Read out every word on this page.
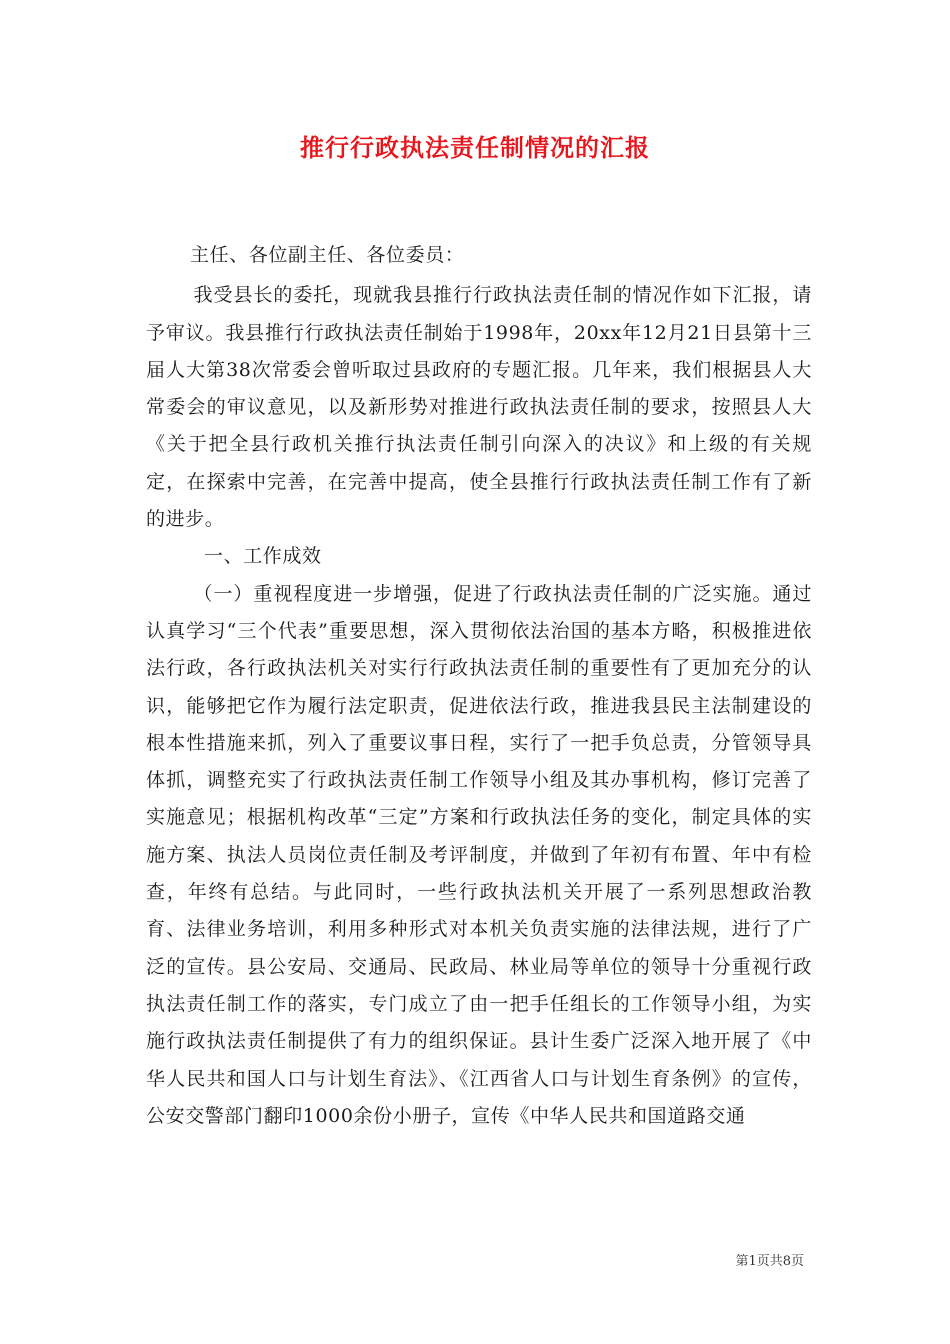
推行行政执法责任制情况的汇报

主任、各位副主任、各位委员：

我受县长的委托，现就我县推行行政执法责任制的情况作如下汇报，请予审议。我县推行行政执法责任制始于1998年，20xx年12月21日县第十三届人大第38次常委会曾听取过县政府的专题汇报。几年来，我们根据县人大常委会的审议意见，以及新形势对推进行政执法责任制的要求，按照县人大《关于把全县行政机关推行执法责任制引向深入的决议》和上级的有关规定，在探索中完善，在完善中提高，使全县推行行政执法责任制工作有了新的进步。

一、工作成效

（一）重视程度进一步增强，促进了行政执法责任制的广泛实施。通过认真学习“三个代表”重要思想，深入贯彻依法治国的基本方略，积极推进依法行政，各行政执法机关对实行行政执法责任制的重要性有了更加充分的认识，能够把它作为履行法定职责，促进依法行政，推进我县民主法制建设的根本性措施来抓，列入了重要议事日程，实行了一把手负总责，分管领导具体抓，调整充实了行政执法责任制工作领导小组及其办事机构，修订完善了实施意见；根据机构改革“三定”方案和行政执法任务的变化，制定具体的实施方案、执法人员岗位责任制及考评制度，并做到了年初有布置、年中有检查，年终有总结。与此同时，一些行政执法机关开展了一系列思想政治教育、法律业务培训，利用多种形式对本机关负责实施的法律法规，进行了广泛的宣传。县公安局、交通局、民政局、林业局等单位的领导十分重视行政执法责任制工作的落实，专门成立了由一把手任组长的工作领导小组，为实施行政执法责任制提供了有力的组织保证。县计生委广泛深入地开展了《中华人民共和国人口与计划生育法》、《江西省人口与计划生育条例》的宣传，公安交警部门翻印1000余份小册子，宣传《中华人民共和国道路交通

第1页共8页
